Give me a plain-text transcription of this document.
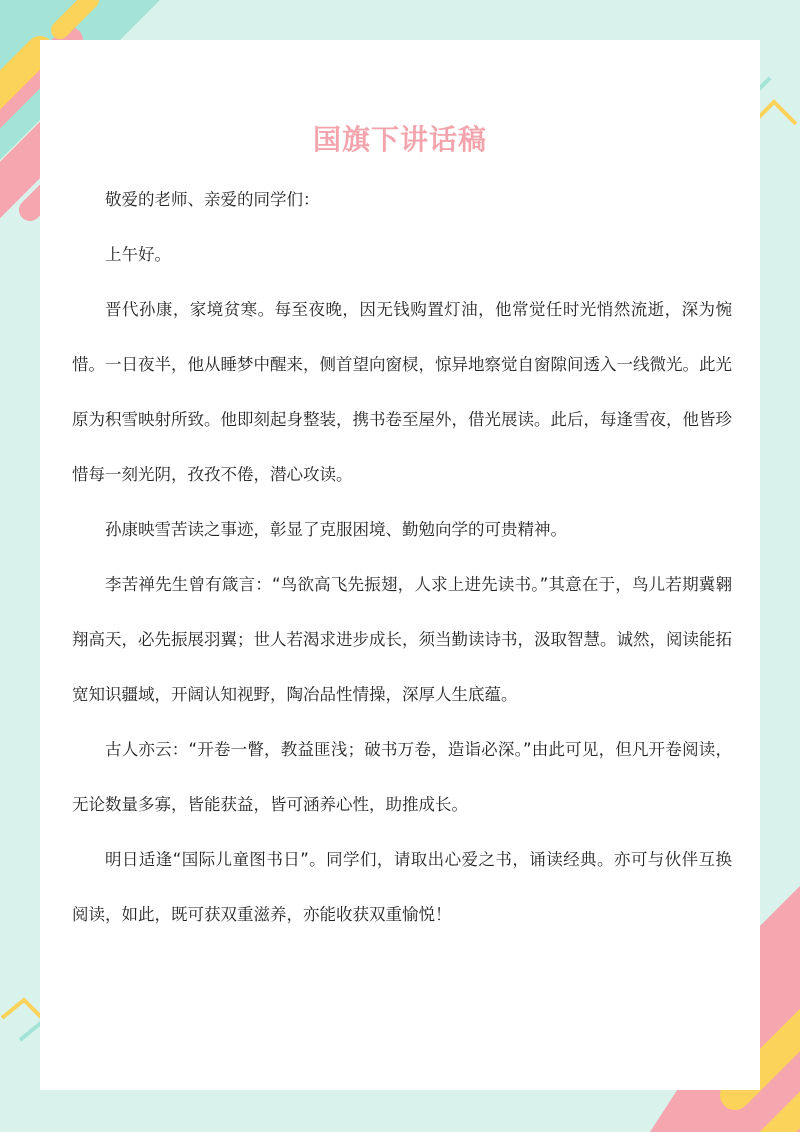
国旗下讲话稿

敬爱的老师、亲爱的同学们：

上午好。

晋代孙康，家境贫寒。每至夜晚，因无钱购置灯油，他常觉任时光悄然流逝，深为惋惜。一日夜半，他从睡梦中醒来，侧首望向窗棂，惊异地察觉自窗隙间透入一线微光。此光原为积雪映射所致。他即刻起身整装，携书卷至屋外，借光展读。此后，每逢雪夜，他皆珍惜每一刻光阴，孜孜不倦，潜心攻读。

孙康映雪苦读之事迹，彰显了克服困境、勤勉向学的可贵精神。

李苦禅先生曾有箴言：“鸟欲高飞先振翅，人求上进先读书。”其意在于，鸟儿若期冀翱翔高天，必先振展羽翼；世人若渴求进步成长，须当勤读诗书，汲取智慧。诚然，阅读能拓宽知识疆域，开阔认知视野，陶冶品性情操，深厚人生底蕴。

古人亦云：“开卷一瞥，教益匪浅；破书万卷，造诣必深。”由此可见，但凡开卷阅读，无论数量多寡，皆能获益，皆可涵养心性，助推成长。

明日适逢“国际儿童图书日”。同学们，请取出心爱之书，诵读经典。亦可与伙伴互换阅读，如此，既可获双重滋养，亦能收获双重愉悦！
